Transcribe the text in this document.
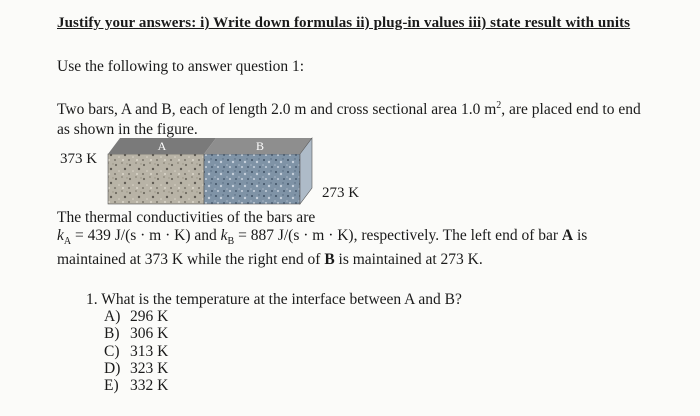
Justify your answers: i) Write down formulas ii) plug-in values iii) state result with units
Use the following to answer question 1:
Two bars, A and B, each of length 2.0 m and cross sectional area 1.0 $m^2$, are placed end to end as shown in the figure.
A	B
373 K
273 K
The thermal conductivities of the bars are
$k_A = 439$ J/(s · m · K) and $k_B = 887$ J/(s · m · K), respectively. The left end of bar A is maintained at 373 K while the right end of B is maintained at 273 K.
1. What is the temperature at the interface between A and B?
A) 296 K
B) 306 K
C) 313 K
D) 323 K
E) 332 K
